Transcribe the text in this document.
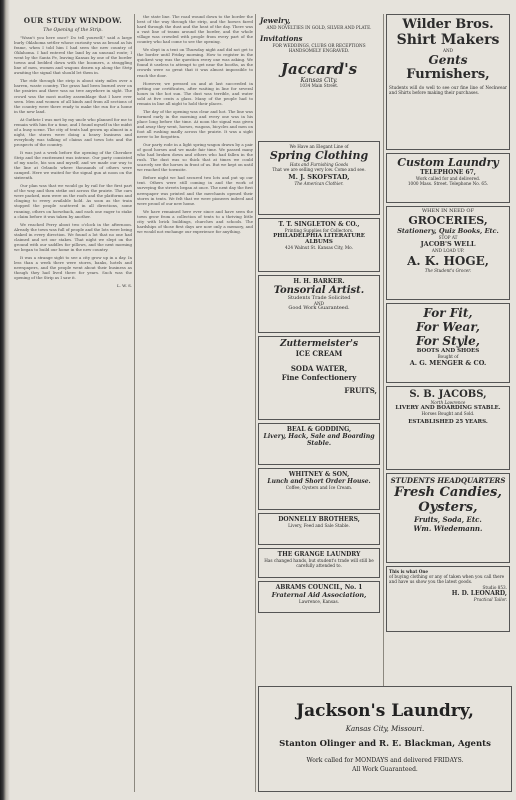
OUR STUDY WINDOW.
The Opening of the Strip.

"Wasn't you here once? Do tell yourself," said a large burly Oklahoma settler whose curiosity was as broad as his frame, when I told him I had seen the new country of Oklahoma. I had entered the land by an unusual route; I went by the Santa Fe, leaving Kansas by one of the border towns and bedded down with the boomers, a straggling line of men, women and wagons drawn up along the Strip awaiting the signal that should let them in.

The ride through the strip is about sixty miles over a barren, waste country. The grass had been burned over on the prairies and there was no tree anywhere in sight. The crowd was the most motley assemblage that I have ever seen. Men and women of all kinds and from all sections of the country were there ready to make the run for a home in the new land.

At Guthrie I was met by my uncle who planned for me to remain with him for a time, and I found myself in the midst of a busy scene. The city of tents had grown up almost in a night, the stores were doing a heavy business and everybody was talking of claims and town lots and the prospects of the country.

It was just a week before the opening of the Cherokee Strip and the excitement was intense. Our party consisted of my uncle, his son and myself, and we made our way to the line at Orlando where thousands of others were camped. Here we waited for the signal gun at noon on the sixteenth.

Our plan was that we would go by rail for the first part of the way and then strike out across the prairie. The cars were packed, men were on the roofs and the platforms and clinging to every available hold. As soon as the train stopped the people scattered in all directions, some running, others on horseback, and each one eager to stake a claim before it was taken by another.

We reached Perry about two o'clock in the afternoon. Already the town was full of people and the lots were being staked in every direction. We found a lot that no one had claimed and set our stakes. That night we slept on the ground with our saddles for pillows, and the next morning we began to build our home in the new country.

It was a strange sight to see a city grow up in a day. In less than a week there were stores, banks, hotels and newspapers, and the people went about their business as though they had lived there for years. Such was the opening of the Strip as I saw it.

L. W. S.

the state line. The road wound down to the border the best of the way through the strip, and the horses fared hard through the dust and the heat of the day. There was a vast line of teams around the border, and the whole village was crowded with people from every part of the country who had come to see the opening.

We slept in a tent on Thursday night and did not get to the border until Friday morning. How to register in the quickest way was the question every one was asking. We found it useless to attempt to get near the booths, as the crowds were so great that it was almost impossible to reach the door.

However, we pressed on and at last succeeded in getting our certificates, after waiting in line for several hours in the hot sun. The dust was terrible, and water sold at five cents a glass. Many of the people had to remain in line all night to hold their places.

The day of the opening was clear and hot. The line was formed early in the morning and every one was in his place long before the time. At noon the signal was given and away they went, horses, wagons, bicycles and men on foot all rushing madly across the prairie. It was a sight never to be forgotten.

Our party rode in a light spring wagon drawn by a pair of good horses and we made fair time. We passed many who had broken down and others who had fallen in the rush. The dust was so thick that at times we could scarcely see the horses in front of us. But we kept on until we reached the townsite.

Before night we had secured two lots and put up our tent. Others were still coming in and the work of surveying the streets began at once. The next day the first newspaper was printed and the merchants opened their stores in tents. We felt that we were pioneers indeed and were proud of our new home.

We have remained here ever since and have seen the town grow from a collection of tents to a thriving little city with brick buildings, churches and schools. The hardships of those first days are now only a memory, and we would not exchange our experience for anything.

Jewelry,
AND NOVELTIES IN GOLD, SILVER AND PLATE.
Invitations
FOR WEDDINGS, CLUBS OR RECEPTIONS HANDSOMELY ENGRAVED.
Jaccard's
Kansas City.
1034 Main Street.
We Have an Elegant Line of
Spring Clothing
Hats and Furnishing Goods
That we are selling very low. Come and see.
M. J. SKOFSTAD,
The American Clothier.
T. T. SINGLETON & CO.,
Printing Supplies for Collectors.
PHILADELPHIA LITERATURE ALBUMS
424 Walnut St. Kansas City, Mo.
H. H. BARKER.
Tonsorial Artist.
Students Trade Solicited
AND
Good Work Guaranteed.
Zuttermeister's
ICE CREAM
SODA WATER,
Fine Confectionery
FRUITS,
BEAL & GODDING,
Livery, Hack, Sale and Boarding Stable.
WHITNEY & SON,
Lunch and Short Order House.
Coffee, Oysters and Ice Cream.
DONNELLY BROTHERS,
Livery, Feed and Sale Stable.
THE GRANGE LAUNDRY
Has changed hands, but student's trade will still be carefully attended to.
ABRAMS COUNCIL, No. 1
Fraternal Aid Association,
Lawrence, Kansas.
Wilder Bros.
Shirt Makers
AND
Gents
Furnishers,
Students will do well to see our fine line of Neckwear and Shirts before making their purchases.
Custom Laundry
TELEPHONE 67,
Work called for and delivered.
1000 Mass. Street. Telephone No. 65.
WHEN IN NEED OF
GROCERIES,
Stationery, Quiz Books, Etc.
STOP AT
JACOB'S WELL
AND LOAD UP.
A. K. HOGE,
The Student's Grocer.
For Fit,
For Wear,
For Style,
BOOTS AND SHOES
Bought of
A. G. MENGER & CO.
S. B. JACOBS,
North Lawrence
LIVERY AND BOARDING STABLE.
Horses Bought and Sold.
ESTABLISHED 25 YEARS.
STUDENTS HEADQUARTERS
Fresh Candies,
Oysters,
Fruits, Soda, Etc.
Wm. Wiedemann.
This is what One
of buying clothing or any of taken when you call there and have us show you the latest goods.
Studio 853.
H. D. LEONARD,
Practical Tailor.
Jackson's Laundry,
Kansas City, Missouri.
Stanton Olinger and R. E. Blackman, Agents
Work called for MONDAYS and delivered FRIDAYS.
All Work Guaranteed.
